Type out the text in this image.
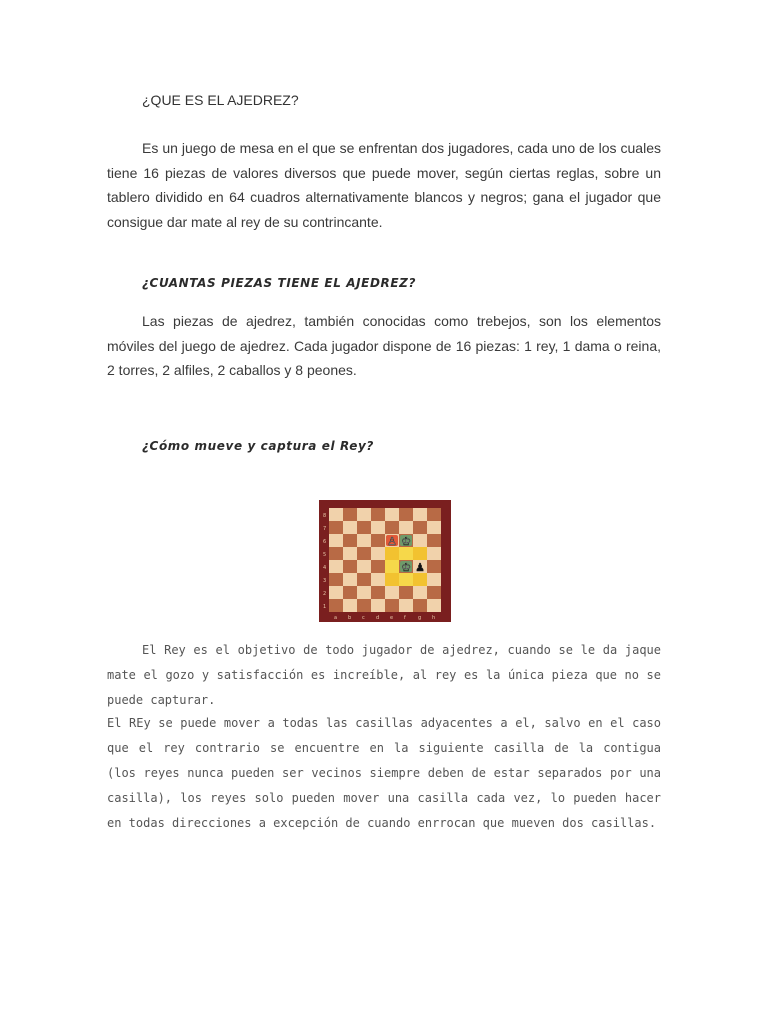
¿QUE ES EL AJEDREZ?

Es un juego de mesa en el que se enfrentan dos jugadores, cada uno de los cuales tiene 16 piezas de valores diversos que puede mover, según ciertas reglas, sobre un tablero dividido en 64 cuadros alternativamente blancos y negros; gana el jugador que consigue dar mate al rey de su contrincante.

¿CUANTAS PIEZAS TIENE EL AJEDREZ?

Las piezas de ajedrez, también conocidas como trebejos, son los elementos móviles del juego de ajedrez. Cada jugador dispone de 16 piezas: 1 rey, 1 dama o reina, 2 torres, 2 alfiles, 2 caballos y 8 peones.

¿Cómo mueve y captura el Rey?
8
7
6
5
4
3
2
1
a b c d e f g h
♙ ♔
♔ ♟

El Rey es el objetivo de todo jugador de ajedrez, cuando se le da jaque mate el gozo y satisfacción es increíble, al rey es la única pieza que no se puede capturar.

El REy se puede mover a todas las casillas adyacentes a el, salvo en el caso que el rey contrario se encuentre en la siguiente casilla de la contigua (los reyes nunca pueden ser vecinos siempre deben de estar separados por una casilla), los reyes solo pueden mover una casilla cada vez, lo pueden hacer en todas direcciones a excepción de cuando enrrocan que mueven dos casillas.
